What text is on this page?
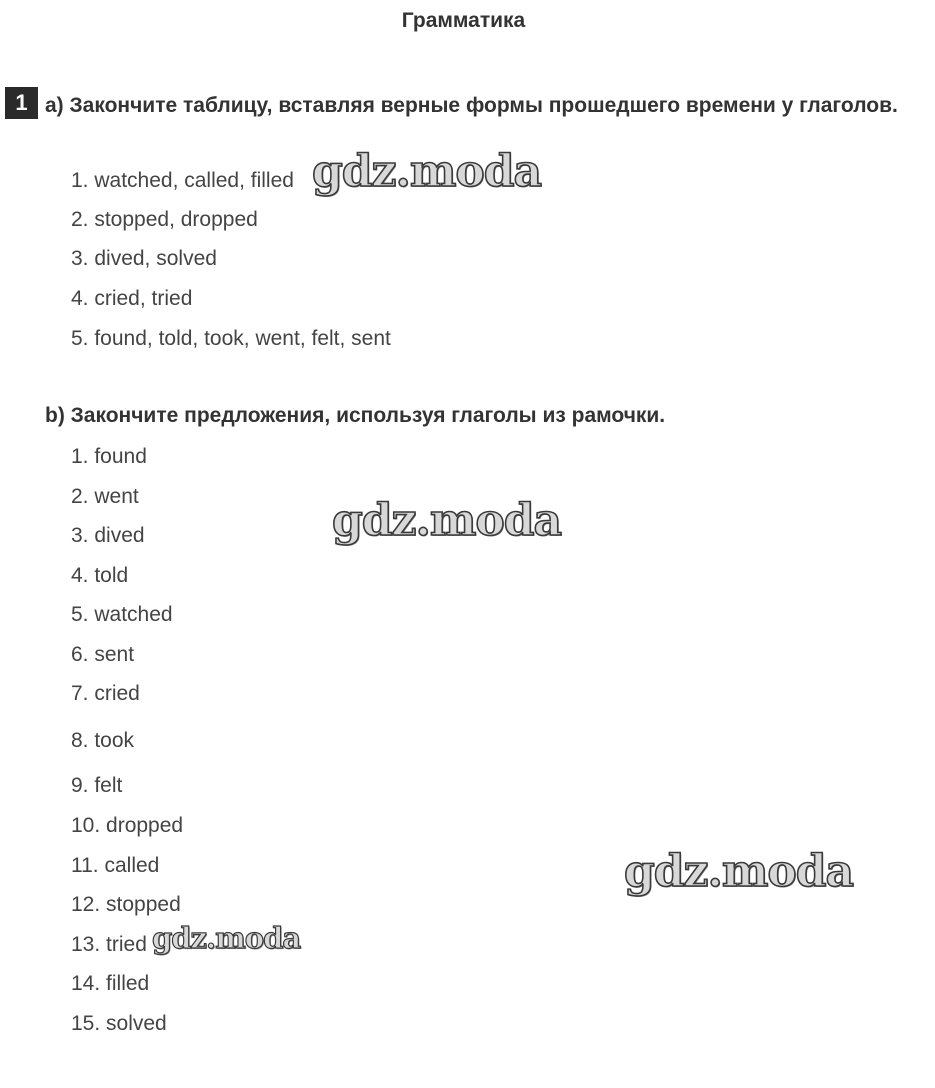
Грамматика
1 a) Закончите таблицу, вставляя верные формы прошедшего времени у глаголов.
1. watched, called, filled
2. stopped, dropped
3. dived, solved
4. cried, tried
5. found, told, took, went, felt, sent
b) Закончите предложения, используя глаголы из рамочки.
1. found
2. went
3. dived
4. told
5. watched
6. sent
7. cried
8. took
9. felt
10. dropped
11. called
12. stopped
13. tried
14. filled
15. solved
gdz.moda
gdz.moda
gdz.moda
gdz.moda
